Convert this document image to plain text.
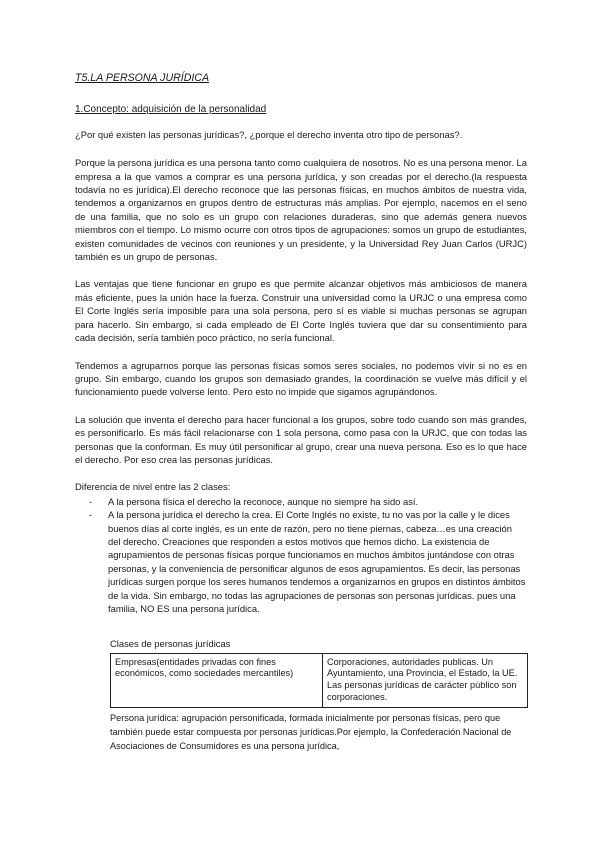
T5.LA PERSONA JURÍDICA
1.Concepto: adquisición de la personalidad

¿Por qué existen las personas jurídicas?, ¿porque el derecho inventa otro tipo de personas?.

Porque la persona jurídica es una persona tanto como cualquiera de nosotros. No es una persona menor. La empresa a la que vamos a comprar es una persona jurídica, y son creadas por el derecho.(la respuesta todavía no es jurídica).El derecho reconoce que las personas físicas, en muchos ámbitos de nuestra vida, tendemos a organizarnos en grupos dentro de estructuras más amplias. Por ejemplo, nacemos en el seno de una familia, que no solo es un grupo con relaciones duraderas, sino que además genera nuevos miembros con el tiempo. Lo mismo ocurre con otros tipos de agrupaciones: somos un grupo de estudiantes, existen comunidades de vecinos con reuniones y un presidente, y la Universidad Rey Juan Carlos (URJC) también es un grupo de personas.

Las ventajas que tiene funcionar en grupo es que permite alcanzar objetivos más ambiciosos de manera más eficiente, pues la unión hace la fuerza. Construir una universidad como la URJC o una empresa como El Corte Inglés sería imposible para una sola persona, pero sí es viable si muchas personas se agrupan para hacerlo. Sin embargo, si cada empleado de El Corte Inglés tuviera que dar su consentimiento para cada decisión, sería también poco práctico, no sería funcional.

Tendemos a agruparnos porque las personas físicas somos seres sociales, no podemos vivir si no es en grupo. Sin embargo, cuando los grupos son demasiado grandes, la coordinación se vuelve más difícil y el funcionamiento puede volverse lento. Pero esto no impide que sigamos agrupándonos.

La solución que inventa el derecho para hacer funcional a los grupos, sobre todo cuando son más grandes, es personificarlo. Es más fácil relacionarse con 1 sola persona, como pasa con la URJC, que con todas las personas que la conforman. Es muy útil personificar al grupo, crear una nueva persona. Eso es lo que hace el derecho. Por eso crea las personas jurídicas.

Diferencia de nivel entre las 2 clases:
- A la persona física el derecho la reconoce, aunque no siempre ha sido así.
- A la persona jurídica el derecho la crea. El Corte Inglés no existe, tu no vas por la calle y le dices buenos días al corte inglés, es un ente de razón, pero no tiene piernas, cabeza…es una creación del derecho. Creaciones que responden a estos motivos que hemos dicho. La existencia de agrupamientos de personas físicas porque funcionamos en muchos ámbitos juntándose con otras personas, y la conveniencia de personificar algunos de esos agrupamientos. Es decir, las personas jurídicas surgen porque los seres humanos tendemos a organizarnos en grupos en distintos ámbitos de la vida. Sin embargo, no todas las agrupaciones de personas son personas jurídicas. pues una familia, NO ES una persona jurídica.
Clases de personas jurídicas
Empresas(entidades privadas con fines económicos, como sociedades mercantiles)	Corporaciones, autoridades publicas. Un Ayuntamiento, una Provincia, el Estado, la UE. Las personas jurídicas de carácter público son corporaciones.
Persona jurídica: agrupación personificada, formada inicialmente por personas físicas, pero que también puede estar compuesta por personas jurídicas.Por ejemplo, la Confederación Nacional de Asociaciones de Consumidores es una persona jurídica,
